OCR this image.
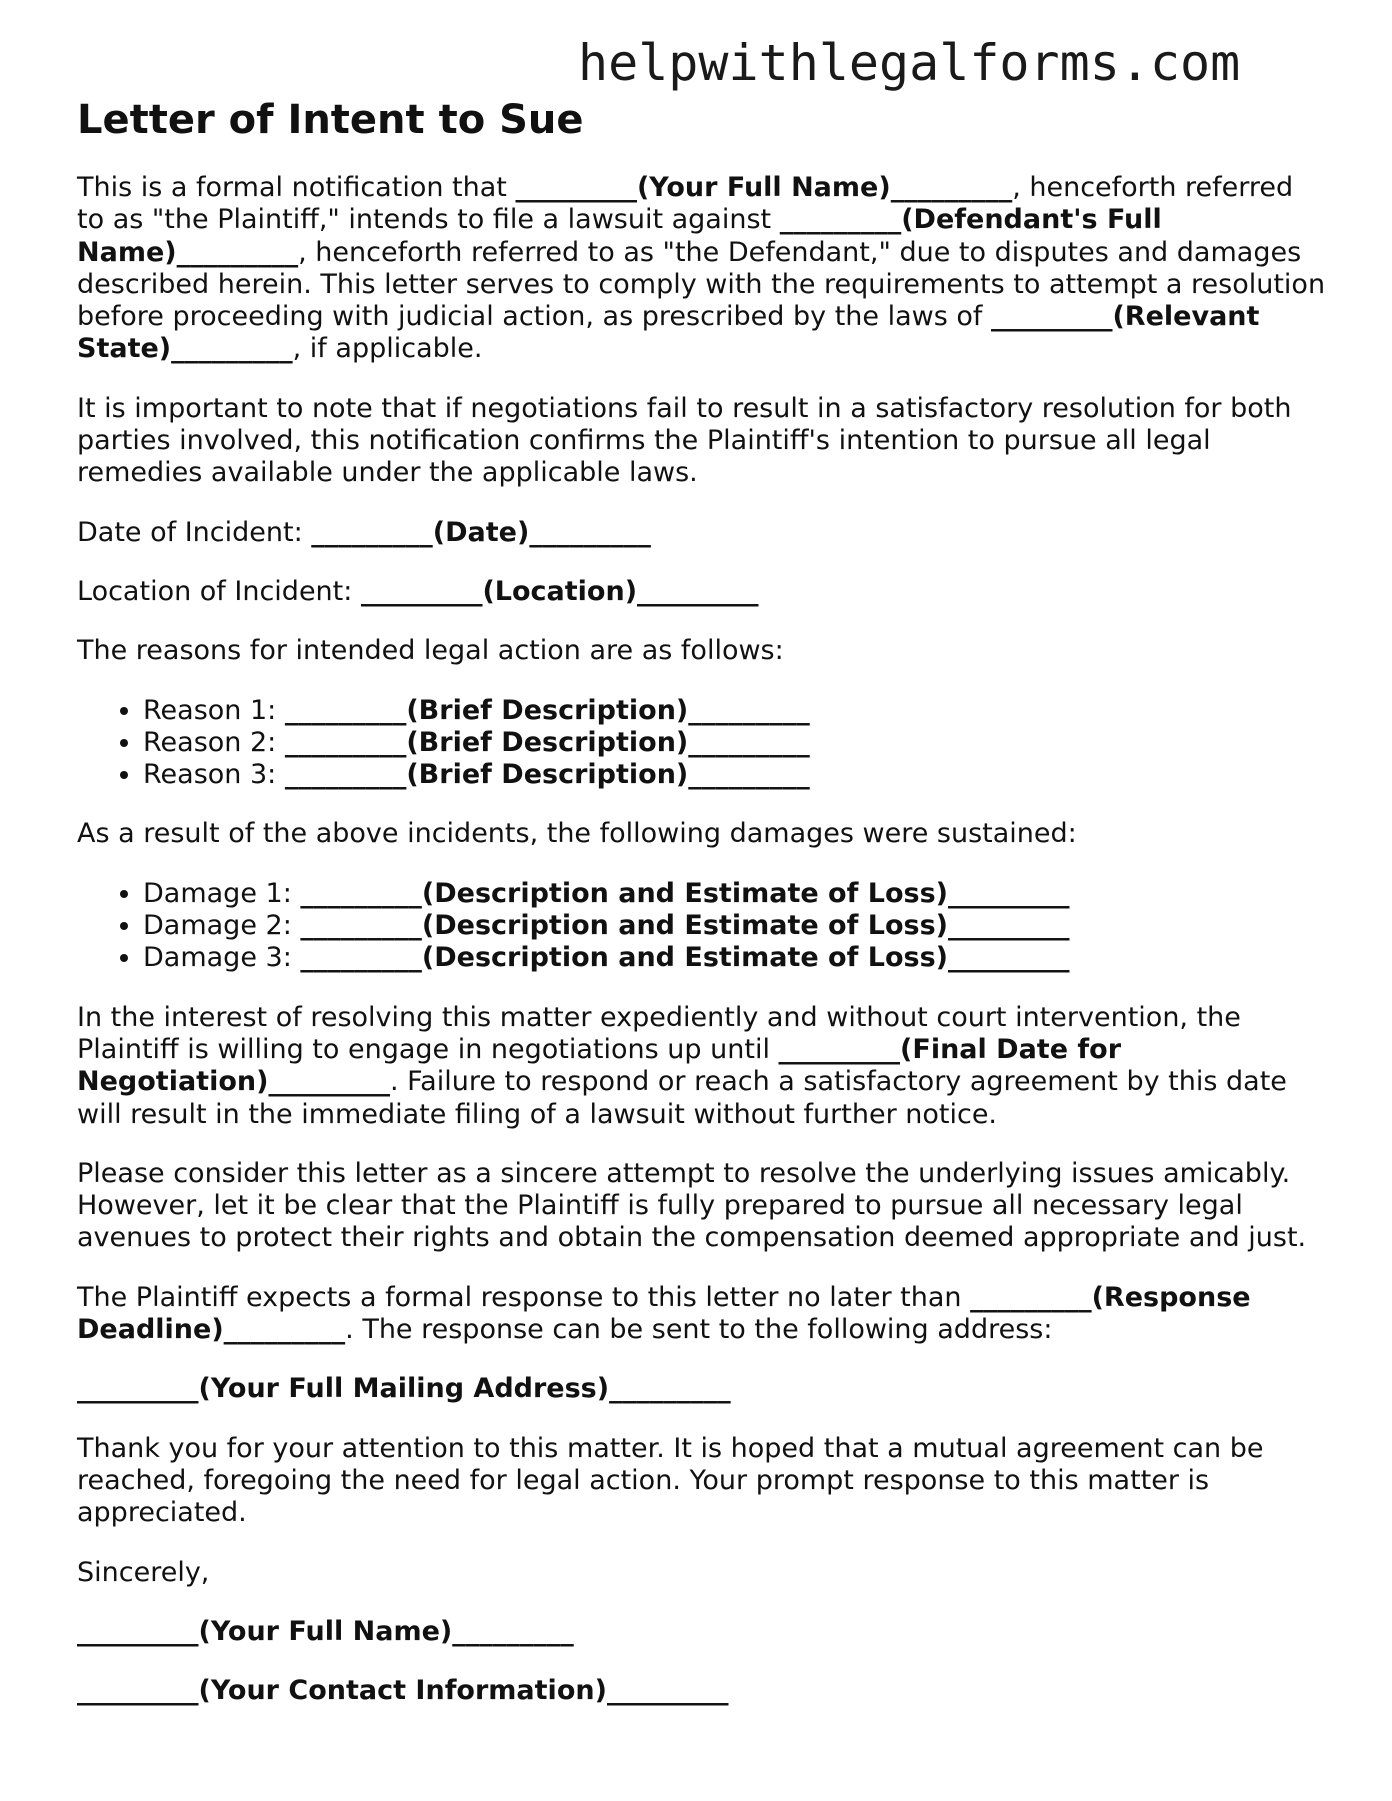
helpwithlegalforms.com
Letter of Intent to Sue

This is a formal notification that _________(Your Full Name)_________, henceforth referred to as "the Plaintiff," intends to file a lawsuit against _________(Defendant's Full Name)_________, henceforth referred to as "the Defendant," due to disputes and damages described herein. This letter serves to comply with the requirements to attempt a resolution before proceeding with judicial action, as prescribed by the laws of _________(Relevant State)_________, if applicable.

It is important to note that if negotiations fail to result in a satisfactory resolution for both parties involved, this notification confirms the Plaintiff's intention to pursue all legal remedies available under the applicable laws.

Date of Incident: _________(Date)_________

Location of Incident: _________(Location)_________

The reasons for intended legal action are as follows:

• Reason 1: _________(Brief Description)_________
• Reason 2: _________(Brief Description)_________
• Reason 3: _________(Brief Description)_________

As a result of the above incidents, the following damages were sustained:

• Damage 1: _________(Description and Estimate of Loss)_________
• Damage 2: _________(Description and Estimate of Loss)_________
• Damage 3: _________(Description and Estimate of Loss)_________

In the interest of resolving this matter expediently and without court intervention, the Plaintiff is willing to engage in negotiations up until _________(Final Date for Negotiation)_________. Failure to respond or reach a satisfactory agreement by this date will result in the immediate filing of a lawsuit without further notice.

Please consider this letter as a sincere attempt to resolve the underlying issues amicably. However, let it be clear that the Plaintiff is fully prepared to pursue all necessary legal avenues to protect their rights and obtain the compensation deemed appropriate and just.

The Plaintiff expects a formal response to this letter no later than _________(Response Deadline)_________. The response can be sent to the following address:

_________(Your Full Mailing Address)_________

Thank you for your attention to this matter. It is hoped that a mutual agreement can be reached, foregoing the need for legal action. Your prompt response to this matter is appreciated.

Sincerely,

_________(Your Full Name)_________

_________(Your Contact Information)_________
